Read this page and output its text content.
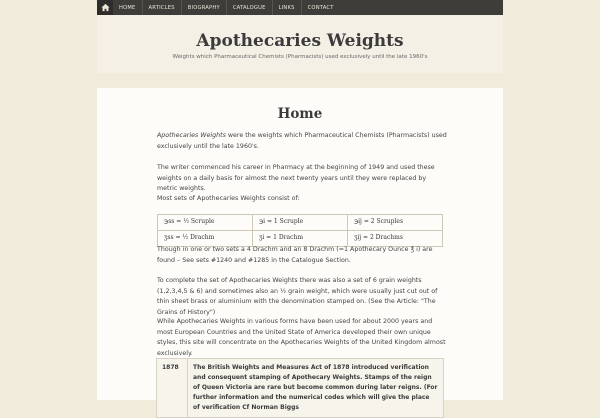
HOME	ARTICLES	BIOGRAPHY	CATALOGUE	LINKS	CONTACT
Apothecaries Weights
Weights which Pharmaceutical Chemists (Pharmacists) used exclusively until the late 1960's
Home

Apothecaries Weights were the weights which Pharmaceutical Chemists (Pharmacists) used exclusively until the late 1960's.

The writer commenced his career in Pharmacy at the beginning of 1949 and used these weights on a daily basis for almost the next twenty years until they were replaced by metric weights.

Most sets of Apothecaries Weights consist of:

℈ss = ½ Scruple	℈i = 1 Scruple	℈ij = 2 Scruples
ʒss = ½ Drachm	ʒi = 1 Drachm	ʒij = 2 Drachms

Though in one or two sets a 4 Drachm and an 8 Drachm (=1 Apothecary Ounce ℥ i) are found – See sets #1240 and #1285 in the Catalogue Section.

To complete the set of Apothecaries Weights there was also a set of 6 grain weights (1,2,3,4,5 & 6) and sometimes also an ½ grain weight, which were usually just cut out of thin sheet brass or aluminium with the denomination stamped on. (See the Article: "The Grains of History")

While Apothecaries Weights in various forms have been used for about 2000 years and most European Countries and the United State of America developed their own unique styles, this site will concentrate on the Apothecaries Weights of the United Kingdom almost exclusively.

1878	The British Weights and Measures Act of 1878 introduced verification and consequent stamping of Apothecary Weights. Stamps of the reign of Queen Victoria are rare but become common during later reigns. (For further information and the numerical codes which will give the place of verification Cf Norman Biggs
